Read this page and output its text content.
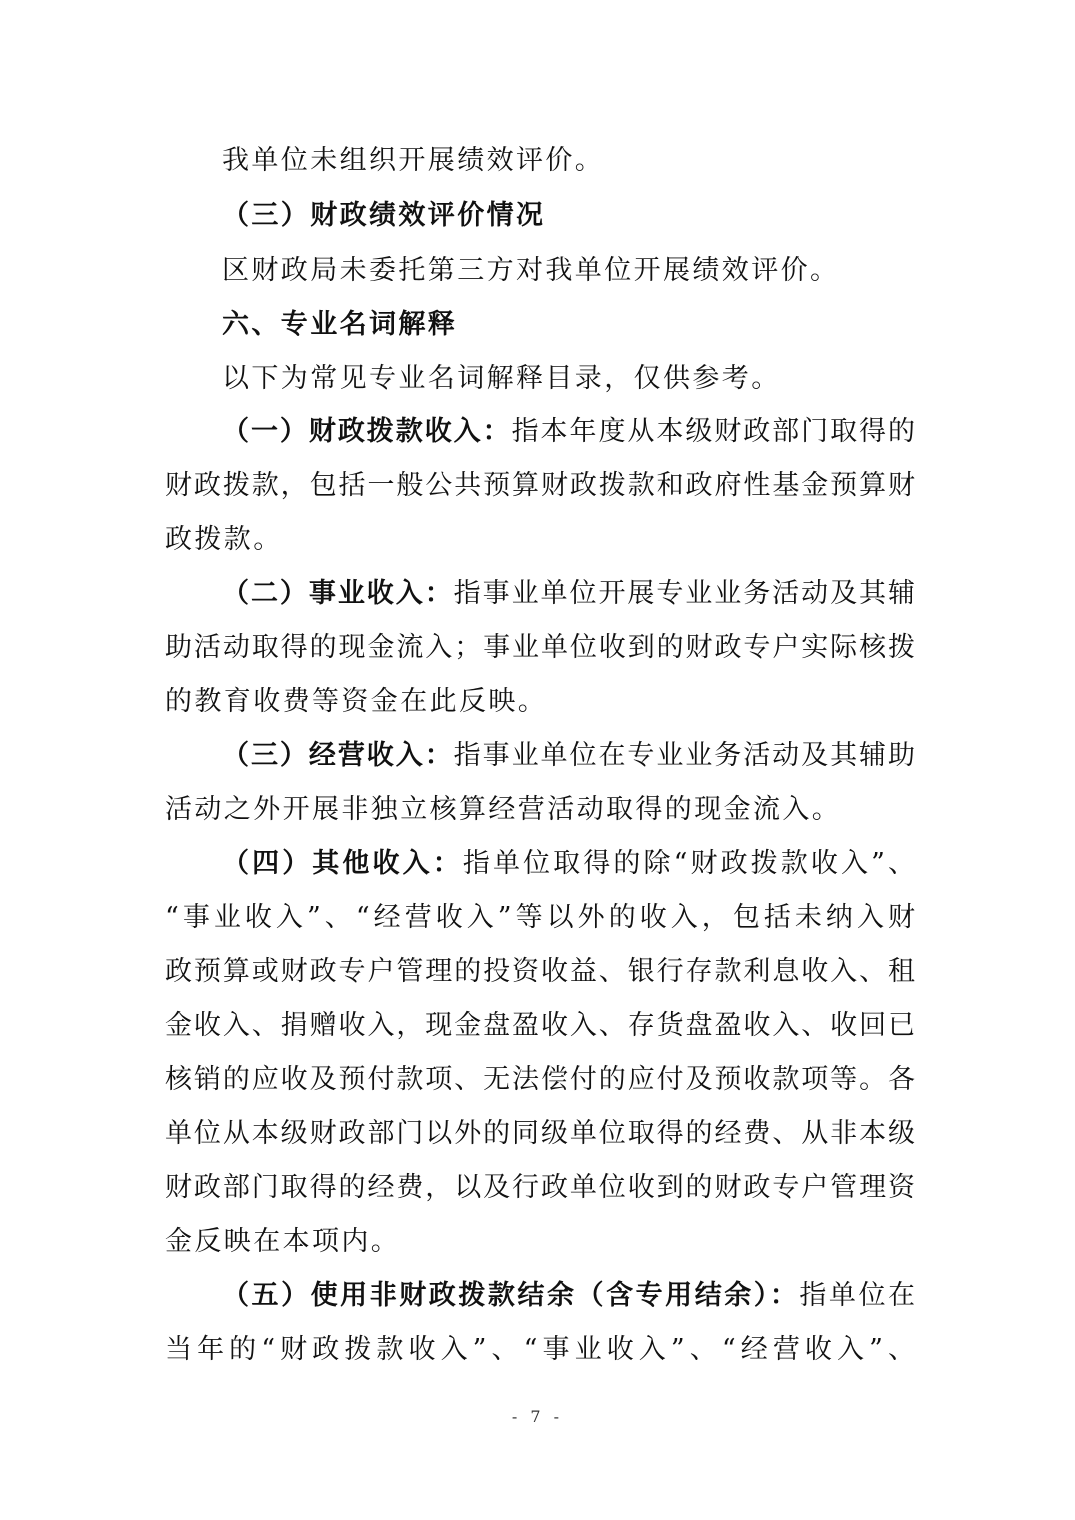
我单位未组织开展绩效评价。
（三）财政绩效评价情况
区财政局未委托第三方对我单位开展绩效评价。
六、专业名词解释
以下为常见专业名词解释目录，仅供参考。
（一）财政拨款收入：指本年度从本级财政部门取得的
财政拨款，包括一般公共预算财政拨款和政府性基金预算财
政拨款。
（二）事业收入：指事业单位开展专业业务活动及其辅
助活动取得的现金流入；事业单位收到的财政专户实际核拨
的教育收费等资金在此反映。
（三）经营收入：指事业单位在专业业务活动及其辅助
活动之外开展非独立核算经营活动取得的现金流入。
（四）其他收入：指单位取得的除“财政拨款收入”、
“事业收入”、“经营收入”等以外的收入，包括未纳入财
政预算或财政专户管理的投资收益、银行存款利息收入、租
金收入、捐赠收入，现金盘盈收入、存货盘盈收入、收回已
核销的应收及预付款项、无法偿付的应付及预收款项等。各
单位从本级财政部门以外的同级单位取得的经费、从非本级
财政部门取得的经费，以及行政单位收到的财政专户管理资
金反映在本项内。
（五）使用非财政拨款结余（含专用结余）：指单位在
当年的“财政拨款收入”、“事业收入”、“经营收入”、
- 7 -
